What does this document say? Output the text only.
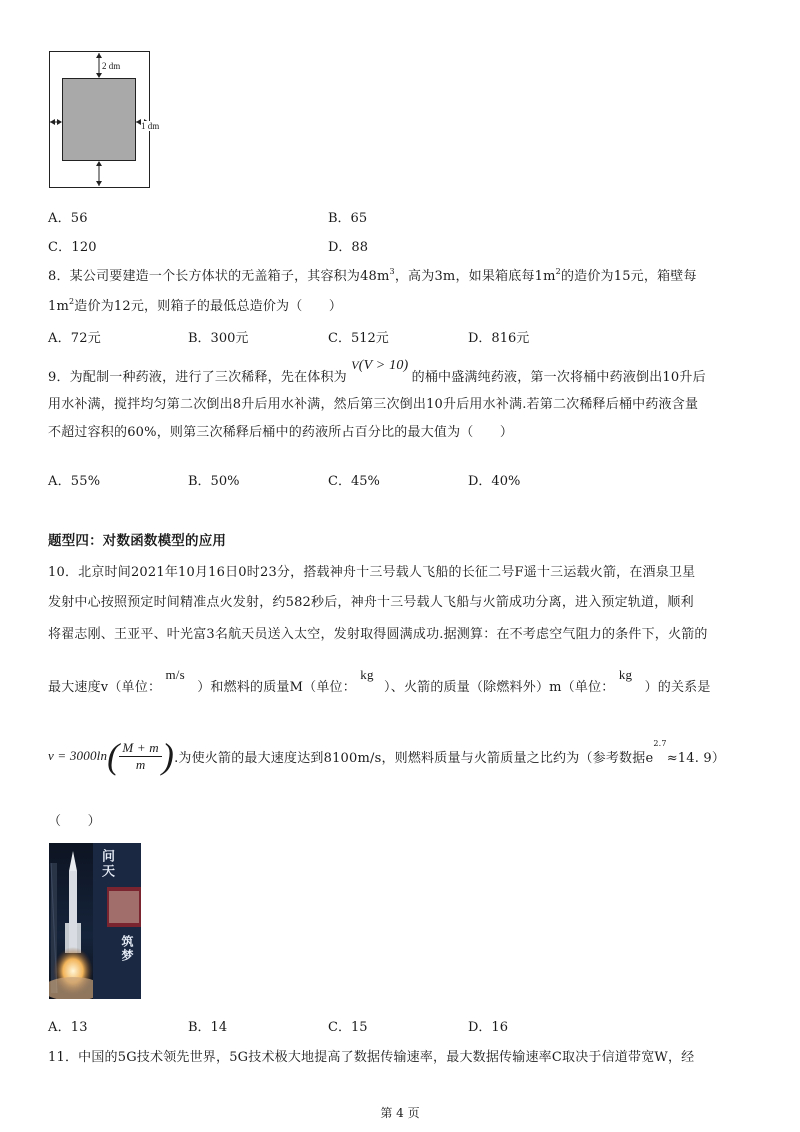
2 dm
1 dm
A．56	B．65
C．120	D．88
8．某公司要建造一个长方体状的无盖箱子，其容积为$48m^3$，高为3m，如果箱底每$1m^2$的造价为15元，箱壁每
$1m^2$造价为12元，则箱子的最低总造价为（　　）
A．72元	B．300元	C．512元	D．816元
9．为配制一种药液，进行了三次稀释，先在体积为 V(V > 10) 的桶中盛满纯药液，第一次将桶中药液倒出10升后
用水补满，搅拌均匀第二次倒出8升后用水补满，然后第三次倒出10升后用水补满.若第二次稀释后桶中药液含量
不超过容积的60%，则第三次稀释后桶中的药液所占百分比的最大值为（　　）
A．55%	B．50%	C．45%	D．40%
题型四：对数函数模型的应用
10．北京时间2021年10月16日0时23分，搭载神舟十三号载人飞船的长征二号F遥十三运载火箭，在酒泉卫星
发射中心按照预定时间精准点火发射，约582秒后，神舟十三号载人飞船与火箭成功分离，进入预定轨道，顺利
将翟志刚、王亚平、叶光富3名航天员送入太空，发射取得圆满成功.据测算：在不考虑空气阻力的条件下，火箭的
最大速度v（单位： m/s ）和燃料的质量M（单位： kg ）、火箭的质量（除燃料外）m（单位： kg ）的关系是
v = 3000ln ( $\frac{M + m}{m}$ ) .为使火箭的最大速度达到8100m/s，则燃料质量与火箭质量之比约为（参考数据$e^{2.7}\approx 14$. 9）
（　　）
问天
筑梦
A．13	B．14	C．15	D．16
11．中国的5G技术领先世界，5G技术极大地提高了数据传输速率，最大数据传输速率C取决于信道带宽W，经
第 4 页
